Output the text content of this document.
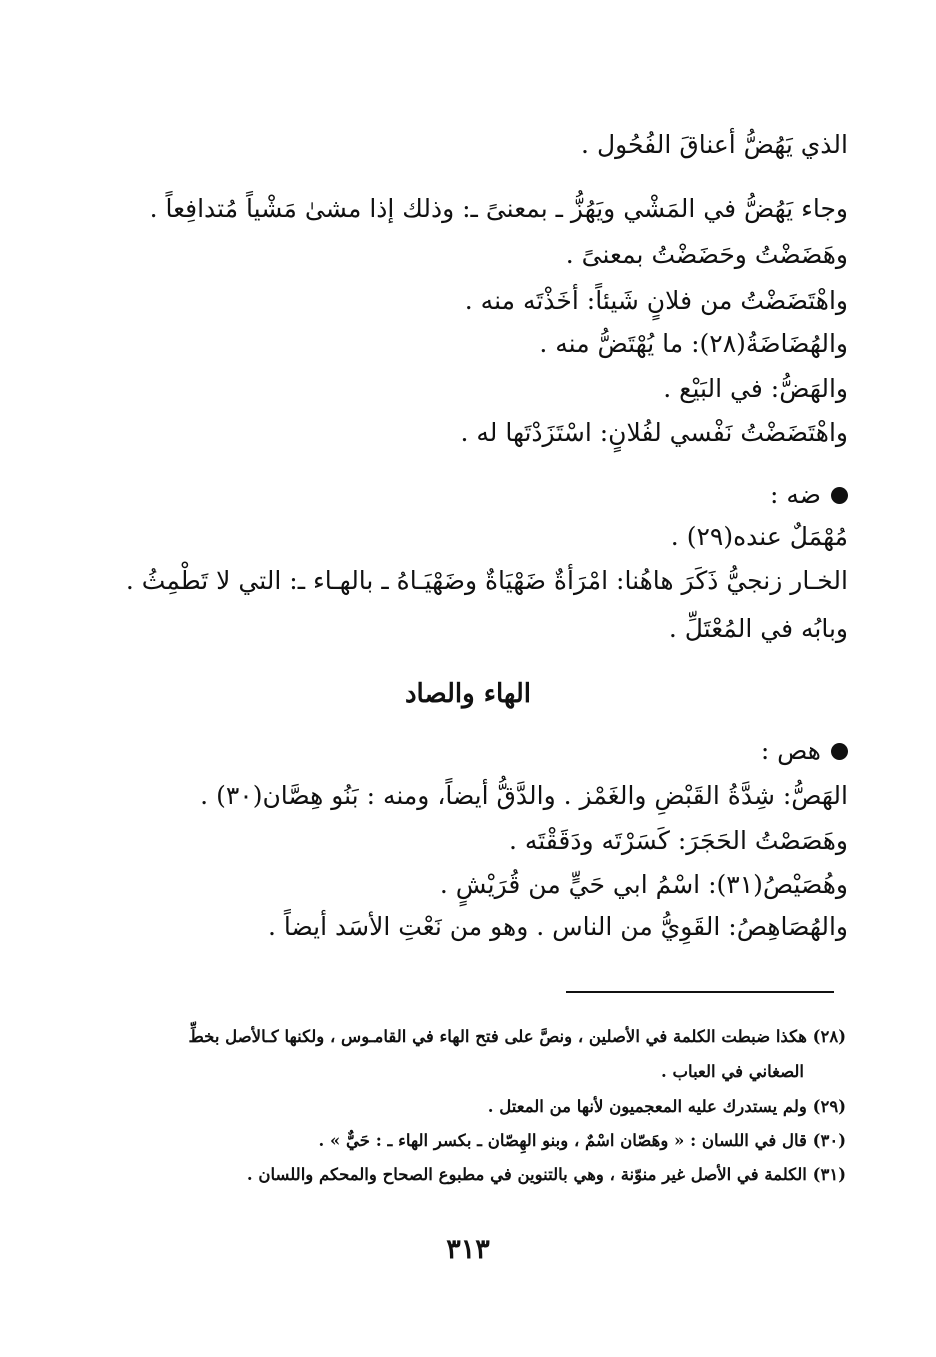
الذي يَهُضُّ أعناقَ الفُحُول .
وجاء يَهُضُّ في المَشْي ويَهُزُّ ـ بمعنىً ـ: وذلك إذا مشىٰ مَشْياً مُتدافِعاً .
وهَضَضْتُ وحَضَضْتُ بمعنىً .
واهْتَضَضْتُ من فلانٍ شَيئاً: أخَذْتَه منه .
والهُضَاضَةُ(٢٨): ما يُهْتَضُّ منه .
والهَضُّ: في البَيْع .
واهْتَضَضْتُ نَفْسي لفُلانٍ: اسْتَزَدْتَها له .
ضه :
مُهْمَلٌ عنده(٢٩) .
الخـار زنجيُّ ذَكَرَ هاهُنا: امْرَأةٌ ضَهْيَاةٌ وضَهْيَـاهُ ـ بالهـاء ـ: التي لا تَطْمِثُ .
وبابُه في المُعْتَلِّ .
الهاء والصاد
هص :
الهَصُّ: شِدَّةُ القَبْضِ والغَمْز . والدَّقُّ أيضاً، ومنه : بَنُو هِصَّان(٣٠) .
وهَصَصْتُ الحَجَرَ: كَسَرْتَه ودَقَقْتَه .
وهُصَيْصُ(٣١): اسْمُ ابي حَيٍّ من قُرَيْشٍ .
والهُصَاهِصُ: القَوِيُّ من الناس . وهو من نَعْتِ الأسَد أيضاً .
(٢٨) هكذا ضبطت الكلمة في الأصلين ، ونصَّ على فتح الهاء في القامـوس ، ولكنها كـالأصل بخطِّ
الصغاني في العباب .
(٢٩) ولم يستدرك عليه المعجميون لأنها من المعتل .
(٣٠) قال في اللسان : « وهَصّان اسْمٌ ، وبنو الهِصّان ـ بكسر الهاء ـ : حَيٌّ » .
(٣١) الكلمة في الأصل غير منوّنة ، وهي بالتنوين في مطبوع الصحاح والمحكم واللسان .
٣١٣
